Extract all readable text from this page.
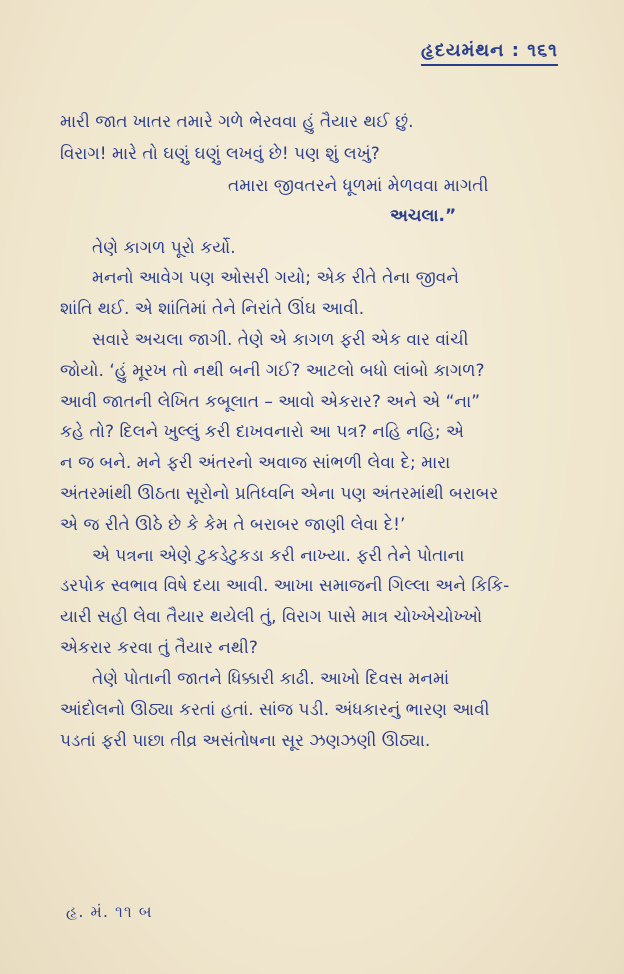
હૃદયમંથન : ૧૬૧
મારી જાત ખાતર તમારે ગળે ભેરવવા હું તૈયાર થઈ છું.
વિરાગ! મારે તો ઘણું ઘણું લખવું છે! પણ શું લખું?
તમારા જીવતરને ધૂળમાં મેળવવા માગતી
અચલા.”
તેણે કાગળ પૂરો કર્યો.
મનનો આવેગ પણ ઓસરી ગયો; એક રીતે તેના જીવને
શાંતિ થઈ. એ શાંતિમાં તેને નિરાંતે ઊંઘ આવી.
સવારે અચલા જાગી. તેણે એ કાગળ ફરી એક વાર વાંચી
જોયો. ‘હું મૂરખ તો નથી બની ગઈ? આટલો બધો લાંબો કાગળ?
આવી જાતની લેખિત કબૂલાત – આવો એકરાર? અને એ “ના”
કહે તો? દિલને ખુલ્લું કરી દાખવનારો આ પત્ર? નહિ નહિ; એ
ન જ બને. મને ફરી અંતરનો અવાજ સાંભળી લેવા દે; મારા
અંતરમાંથી ઊઠતા સૂરોનો પ્રતિધ્વનિ એના પણ અંતરમાંથી બરાબર
એ જ રીતે ઊઠે છે કે કેમ તે બરાબર જાણી લેવા દે!’
એ પત્રના એણે ટુકડેટુકડા કરી નાખ્યા. ફરી તેને પોતાના
ડરપોક સ્વભાવ વિષે દયા આવી. આખા સમાજની ગિલ્લા અને કિકિ-
યારી સહી લેવા તૈયાર થયેલી તું, વિરાગ પાસે માત્ર ચોખ્ખેચોખ્ખો
એકરાર કરવા તું તૈયાર નથી?
તેણે પોતાની જાતને ધિક્કારી કાઢી. આખો દિવસ મનમાં
આંદોલનો ઊઠ્યા કરતાં હતાં. સાંજ પડી. અંધકારનું ભારણ આવી
પડતાં ફરી પાછા તીવ્ર અસંતોષના સૂર ઝણઝણી ઊઠ્યા.
હૃ. મં. ૧૧ બ
